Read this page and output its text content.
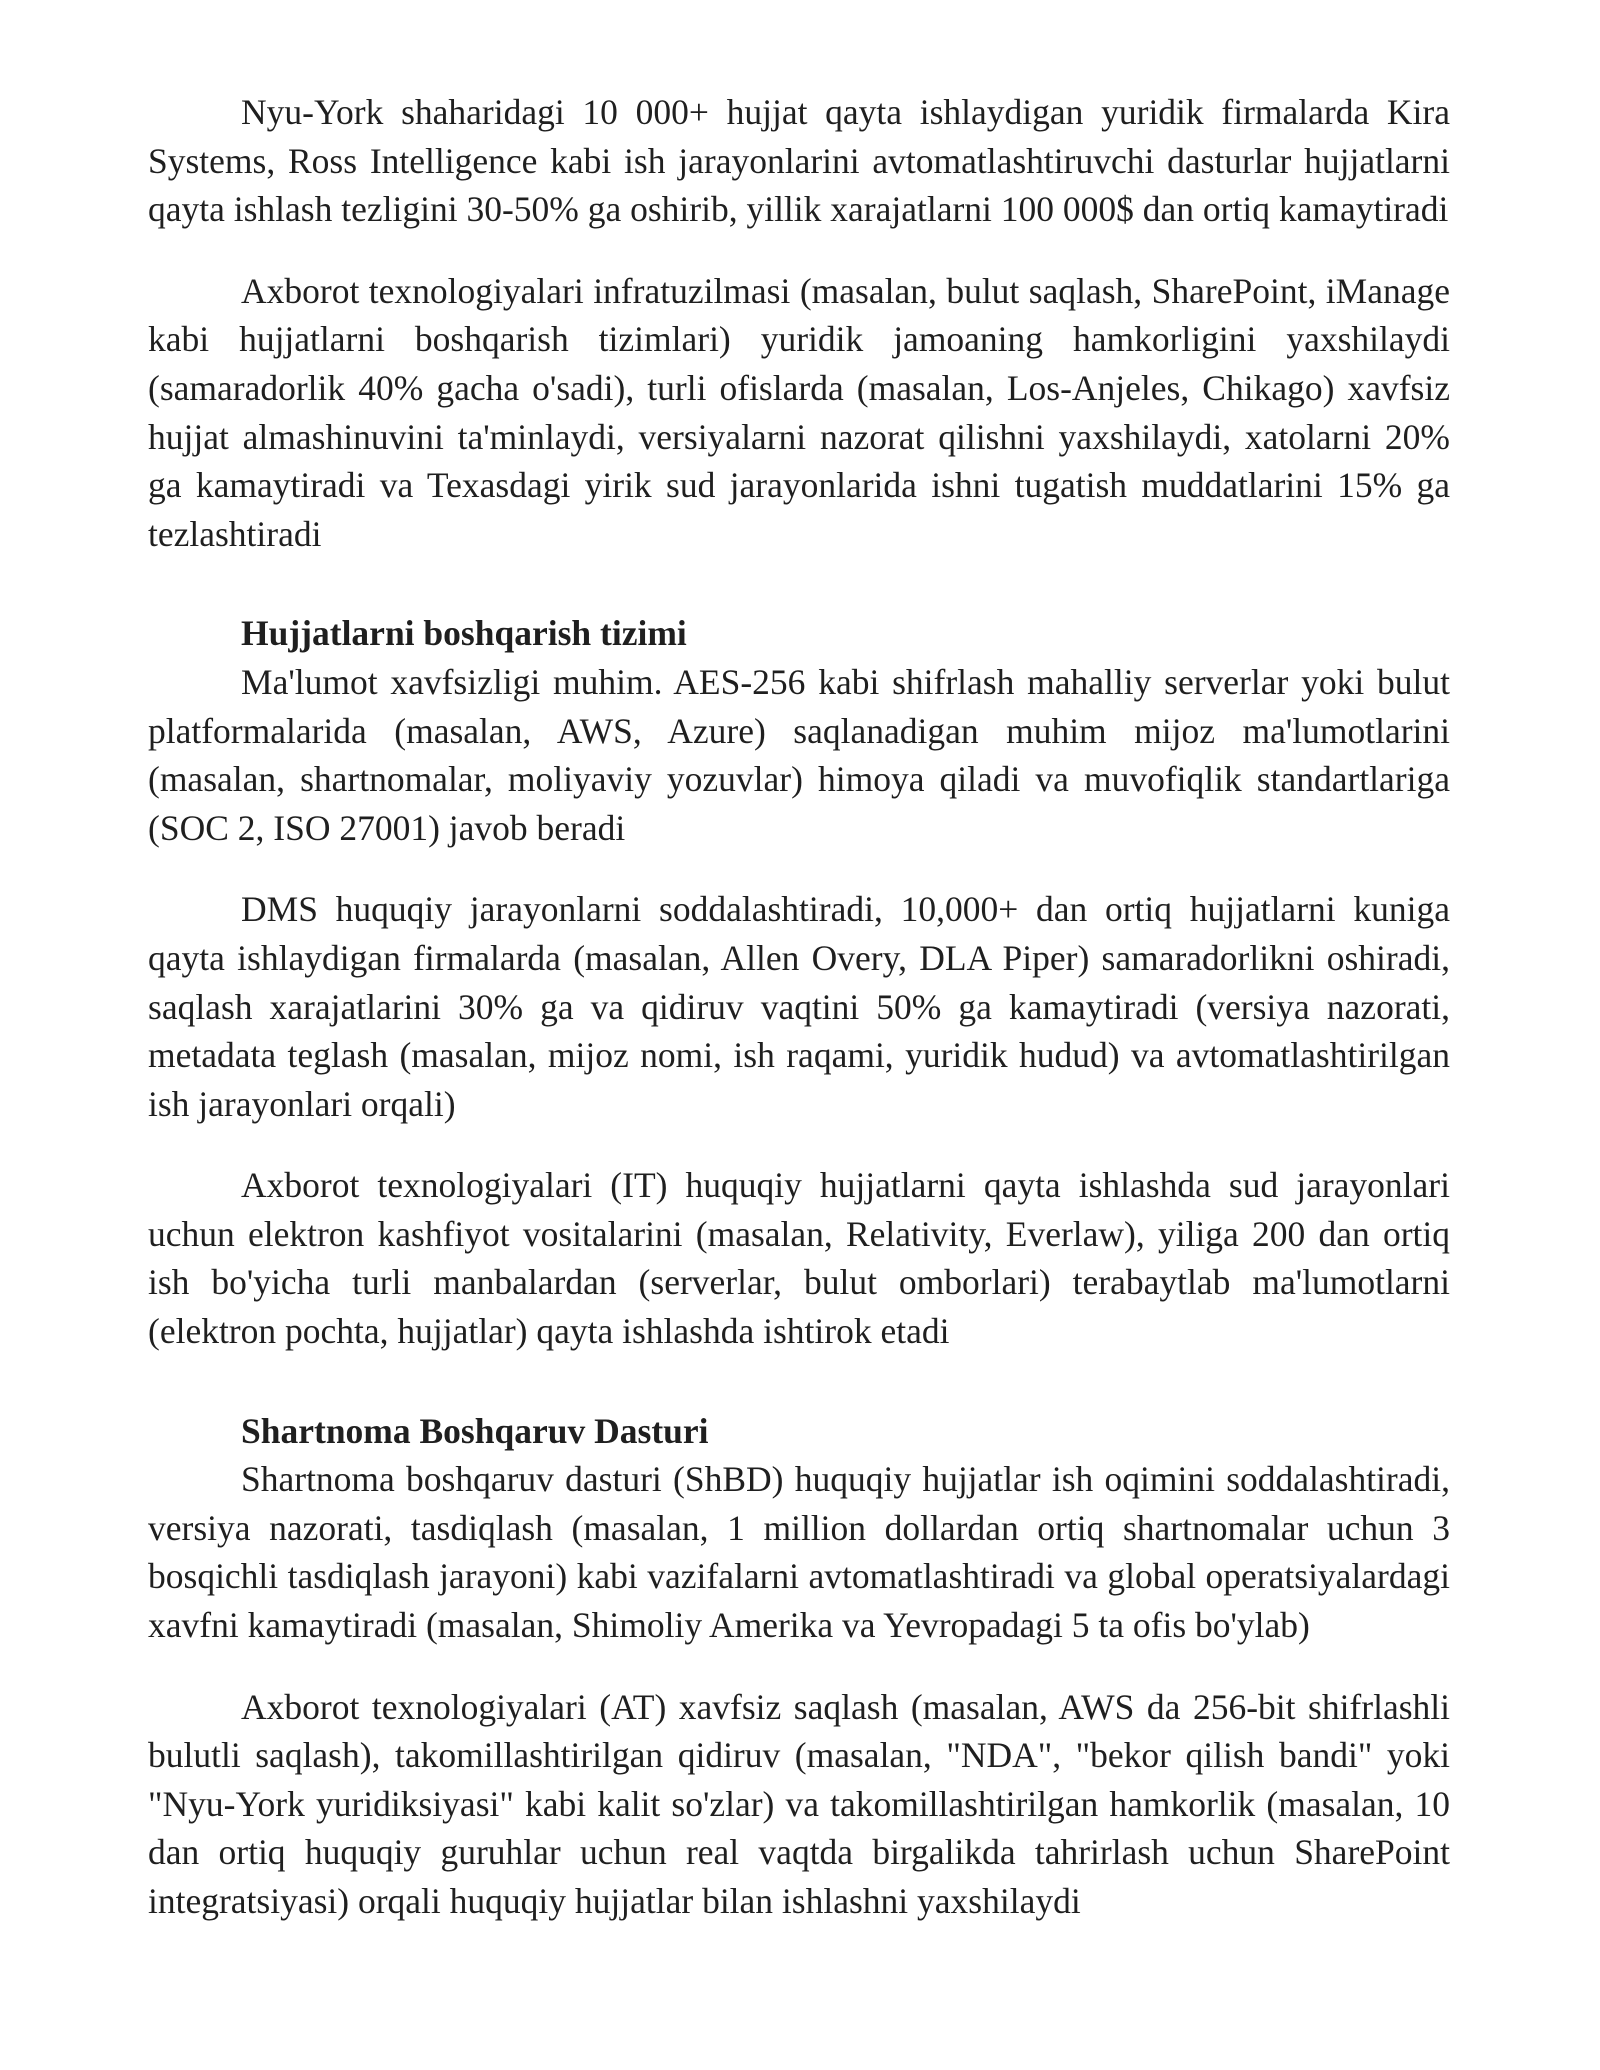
Nyu-York shaharidagi 10 000+ hujjat qayta ishlaydigan yuridik firmalarda Kira Systems, Ross Intelligence kabi ish jarayonlarini avtomatlashtiruvchi dasturlar hujjatlarni qayta ishlash tezligini 30-50% ga oshirib, yillik xarajatlarni 100 000$ dan ortiq kamaytiradi

Axborot texnologiyalari infratuzilmasi (masalan, bulut saqlash, SharePoint, iManage kabi hujjatlarni boshqarish tizimlari) yuridik jamoaning hamkorligini yaxshilaydi (samaradorlik 40% gacha o'sadi), turli ofislarda (masalan, Los-Anjeles, Chikago) xavfsiz hujjat almashinuvini ta'minlaydi, versiyalarni nazorat qilishni yaxshilaydi, xatolarni 20% ga kamaytiradi va Texasdagi yirik sud jarayonlarida ishni tugatish muddatlarini 15% ga tezlashtiradi

Hujjatlarni boshqarish tizimi

Ma'lumot xavfsizligi muhim. AES-256 kabi shifrlash mahalliy serverlar yoki bulut platformalarida (masalan, AWS, Azure) saqlanadigan muhim mijoz ma'lumotlarini (masalan, shartnomalar, moliyaviy yozuvlar) himoya qiladi va muvofiqlik standartlariga (SOC 2, ISO 27001) javob beradi

DMS huquqiy jarayonlarni soddalashtiradi, 10,000+ dan ortiq hujjatlarni kuniga qayta ishlaydigan firmalarda (masalan, Allen Overy, DLA Piper) samaradorlikni oshiradi, saqlash xarajatlarini 30% ga va qidiruv vaqtini 50% ga kamaytiradi (versiya nazorati, metadata teglash (masalan, mijoz nomi, ish raqami, yuridik hudud) va avtomatlashtirilgan ish jarayonlari orqali)

Axborot texnologiyalari (IT) huquqiy hujjatlarni qayta ishlashda sud jarayonlari uchun elektron kashfiyot vositalarini (masalan, Relativity, Everlaw), yiliga 200 dan ortiq ish bo'yicha turli manbalardan (serverlar, bulut omborlari) terabaytlab ma'lumotlarni (elektron pochta, hujjatlar) qayta ishlashda ishtirok etadi

Shartnoma Boshqaruv Dasturi

Shartnoma boshqaruv dasturi (ShBD) huquqiy hujjatlar ish oqimini soddalashtiradi, versiya nazorati, tasdiqlash (masalan, 1 million dollardan ortiq shartnomalar uchun 3 bosqichli tasdiqlash jarayoni) kabi vazifalarni avtomatlashtiradi va global operatsiyalardagi xavfni kamaytiradi (masalan, Shimoliy Amerika va Yevropadagi 5 ta ofis bo'ylab)

Axborot texnologiyalari (AT) xavfsiz saqlash (masalan, AWS da 256-bit shifrlashli bulutli saqlash), takomillashtirilgan qidiruv (masalan, "NDA", "bekor qilish bandi" yoki "Nyu-York yuridiksiyasi" kabi kalit so'zlar) va takomillashtirilgan hamkorlik (masalan, 10 dan ortiq huquqiy guruhlar uchun real vaqtda birgalikda tahrirlash uchun SharePoint integratsiyasi) orqali huquqiy hujjatlar bilan ishlashni yaxshilaydi
